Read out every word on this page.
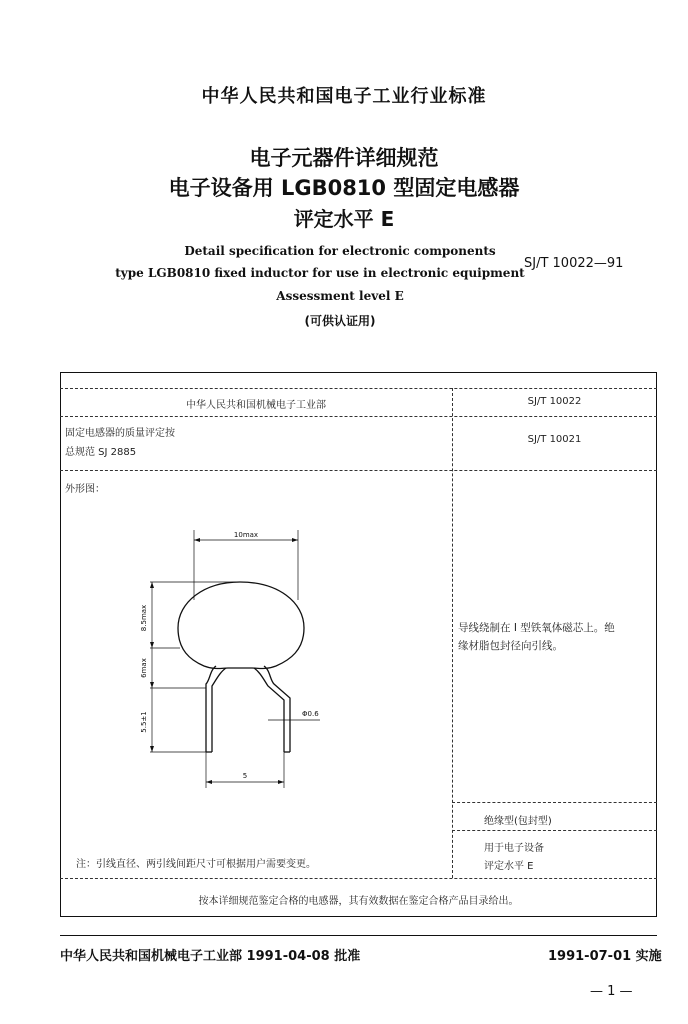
中华人民共和国电子工业行业标准
电子元器件详细规范
电子设备用 LGB0810 型固定电感器
评定水平 E
Detail specification for electronic components
type LGB0810 fixed inductor for use in electronic equipment
Assessment level E
(可供认证用)
SJ/T 10022—91
中华人民共和国机械电子工业部	SJ/T 10022
固定电感器的质量评定按
总规范 SJ 2885
SJ/T 10021
外形图：
导线绕制在 I 型铁氧体磁芯上。绝
缘材脂包封径向引线。
绝缘型(包封型)
用于电子设备
评定水平 E
注：引线直径、两引线间距尺寸可根据用户需要变更。
按本详细规范鉴定合格的电感器，其有效数据在鉴定合格产品目录给出。
10max
8.5max
6max
5.5±1	Φ0.6
5
中华人民共和国机械电子工业部 1991-04-08 批准	1991-07-01 实施
— 1 —
